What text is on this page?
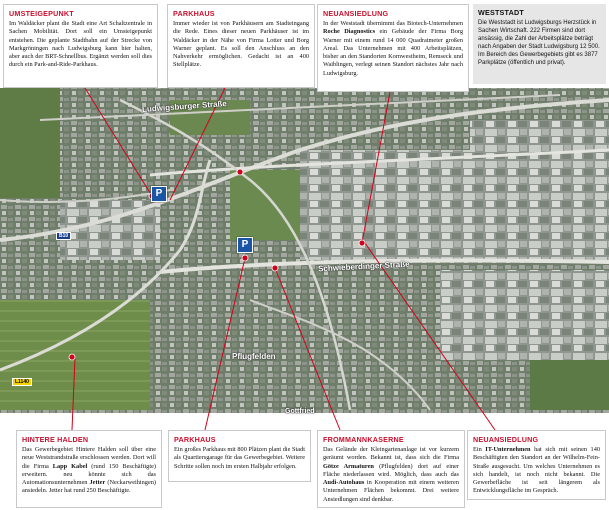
Ludwigsburger Straße
Schwieberdinger Straße
Pflugfelden
Gottfried
B10
L1140
P
P
UMSTEIGEPUNKT
Im Waldäcker plant die Stadt eine Art Schaltzentrale in Sachen Mobilität. Dort soll ein Umsteigepunkt entstehen. Die geplante Stadtbahn auf der Strecke von Markgröningen nach Ludwigsburg kann hier halten, aber auch der BRT-Schnellbus. Ergänzt werden soll dies durch ein Park-and-Ride-Parkhaus.
PARKHAUS
Immer wieder ist von Parkhäusern am Stadteingang die Rede. Eines dieser neuen Parkhäuser ist im Waldäcker in der Nähe von Firma Lotter und Borg Warner geplant. Es soll den Anschluss an den Nahverkehr ermöglichen. Gedacht ist an 400 Stellplätze.
NEUANSIEDLUNG
In der Weststadt übernimmt das Biotech-Unternehmen Roche Diagnostics ein Gebäude der Firma Borg Warner mit einem rund 14 000 Quadratmeter großen Areal. Das Unternehmen mit 400 Arbeitsplätzen, bisher an den Standorten Kornwestheim, Remseck und Waiblingen, verlegt seinen Standort nächstes Jahr nach Ludwigsburg.
WESTSTADT
Die Weststadt ist Ludwigsburgs Herzstück in Sachen Wirtschaft. 222 Firmen sind dort ansässig, die Zahl der Arbeitsplätze beträgt nach Angaben der Stadt Ludwigsburg 12 500. Im Bereich des Gewerbegebiets gibt es 3877 Parkplätze (öffentlich und privat).
HINTERE HALDEN
Das Gewerbegebiet Hintere Halden soll über eine neue Weststrandstraße erschlossen werden. Dort will die Firma Lapp Kabel (rund 150 Beschäftigte) erweitern. neu könnte sich das Automationsunternehmen Jetter (Neckarweihingen) ansiedeln. Jetter hat rund 250 Beschäftigte.
PARKHAUS
Ein großes Parkhaus mit 800 Plätzen plant die Stadt als Quartiersgarage für das Gewerbegebiet. Weitere Schritte sollen noch im ersten Halbjahr erfolgen.
FROMMANNKASERNE
Das Gelände der Kleingartenanlage ist vor kurzem geräumt worden. Bekannt ist, dass sich die Firma Götze Armaturen (Pflugfelden) dort auf einer Fläche niederlassen wird. Möglich, dass auch das Audi-Autohaus in Kooperation mit einem weiteren Unternehmen Flächen bekommt. Drei weitere Ansiedlungen sind denkbar.
NEUANSIEDLUNG
Ein IT-Unternehmen hat sich mit seinen 140 Beschäftigten den Standort an der Wilhelm-Fein-Straße ausgesucht. Um welches Unternehmen es sich handelt, ist noch nicht bekannt. Die Gewerbefläche ist seit längerem als Entwicklungsfläche im Gespräch.
